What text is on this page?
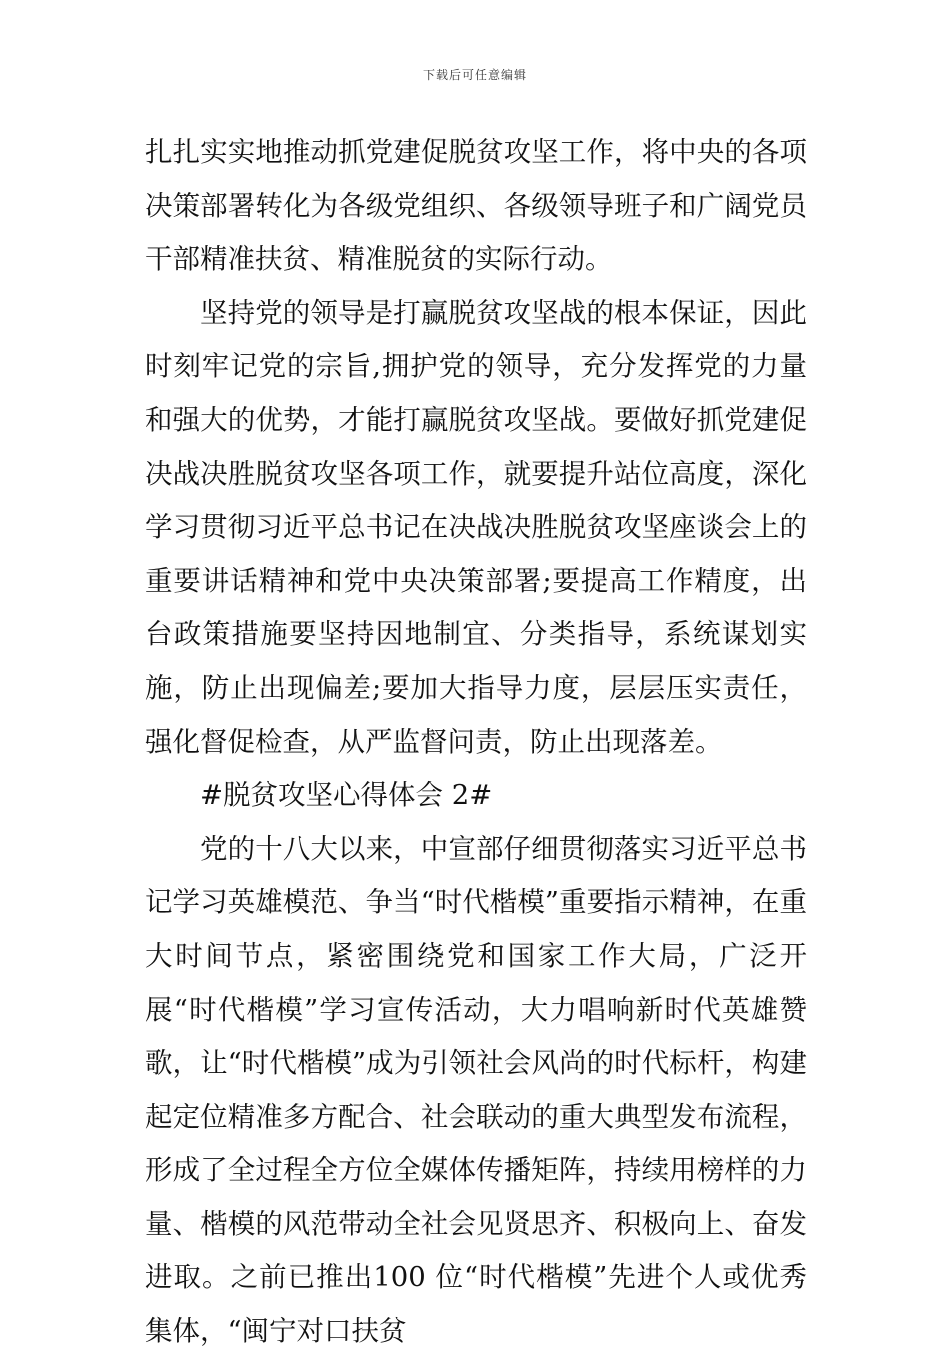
下载后可任意编辑

扎扎实实地推动抓党建促脱贫攻坚工作，将中央的各项决策部署转化为各级党组织、各级领导班子和广阔党员干部精准扶贫、精准脱贫的实际行动。

坚持党的领导是打赢脱贫攻坚战的根本保证，因此时刻牢记党的宗旨,拥护党的领导，充分发挥党的力量和强大的优势，才能打赢脱贫攻坚战。要做好抓党建促决战决胜脱贫攻坚各项工作，就要提升站位高度，深化学习贯彻习近平总书记在决战决胜脱贫攻坚座谈会上的重要讲话精神和党中央决策部署;要提高工作精度，出台政策措施要坚持因地制宜、分类指导，系统谋划实施，防止出现偏差;要加大指导力度，层层压实责任，强化督促检查，从严监督问责，防止出现落差。

#脱贫攻坚心得体会 2#

党的十八大以来，中宣部仔细贯彻落实习近平总书记学习英雄模范、争当“时代楷模”重要指示精神，在重大时间节点，紧密围绕党和国家工作大局，广泛开展“时代楷模”学习宣传活动，大力唱响新时代英雄赞歌，让“时代楷模”成为引领社会风尚的时代标杆，构建起定位精准多方配合、社会联动的重大典型发布流程，形成了全过程全方位全媒体传播矩阵，持续用榜样的力量、楷模的风范带动全社会见贤思齐、积极向上、奋发进取。之前已推出100 位“时代楷模”先进个人或优秀集体，“闽宁对口扶贫
